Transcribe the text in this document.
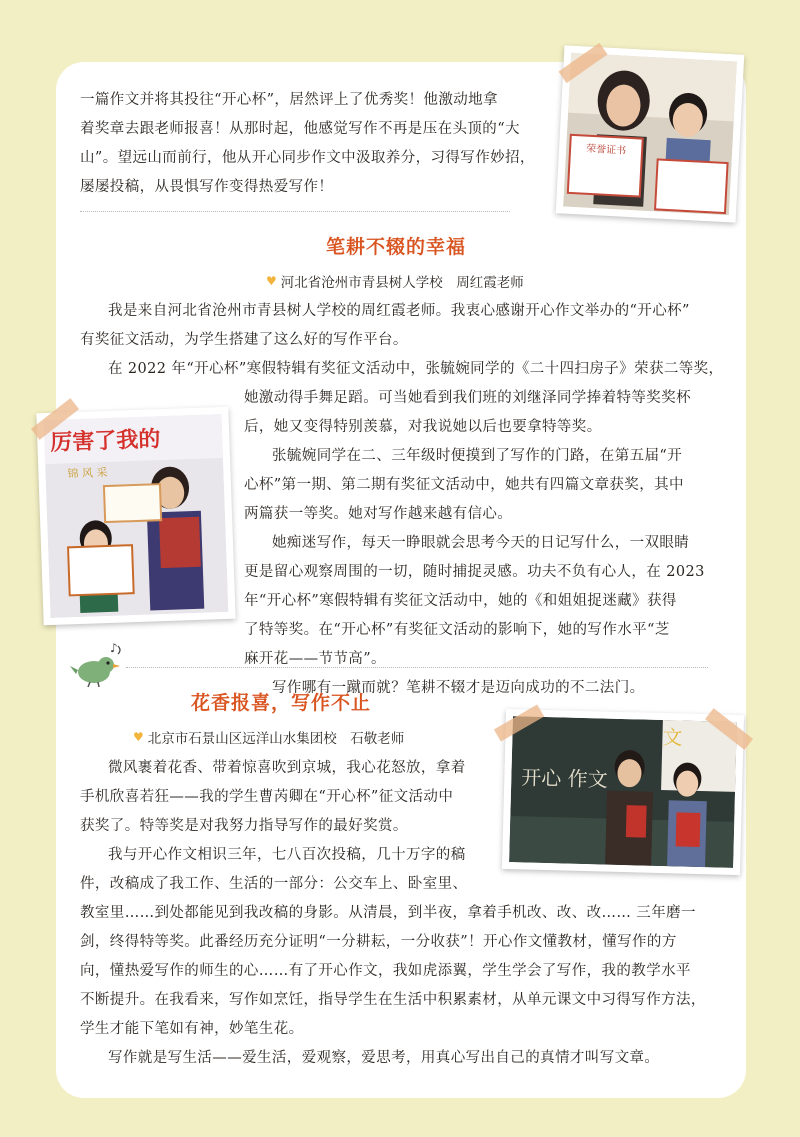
一篇作文并将其投往“开心杯”，居然评上了优秀奖！他激动地拿
着奖章去跟老师报喜！从那时起，他感觉写作不再是压在头顶的“大
山”。望远山而前行，他从开心同步作文中汲取养分，习得写作妙招，
屡屡投稿，从畏惧写作变得热爱写作！
荣誉证书
笔耕不辍的幸福
♥ 河北省沧州市青县树人学校　周红霞老师
我是来自河北省沧州市青县树人学校的周红霞老师。我衷心感谢开心作文举办的“开心杯”
有奖征文活动，为学生搭建了这么好的写作平台。
在 2022 年“开心杯”寒假特辑有奖征文活动中，张毓婉同学的《二十四扫房子》荣获二等奖，
她激动得手舞足蹈。可当她看到我们班的刘继泽同学捧着特等奖奖杯
后，她又变得特别羡慕，对我说她以后也要拿特等奖。
张毓婉同学在二、三年级时便摸到了写作的门路，在第五届“开
心杯”第一期、第二期有奖征文活动中，她共有四篇文章获奖，其中
两篇获一等奖。她对写作越来越有信心。
她痴迷写作，每天一睁眼就会思考今天的日记写什么，一双眼睛
更是留心观察周围的一切，随时捕捉灵感。功夫不负有心人，在 2023
年“开心杯”寒假特辑有奖征文活动中，她的《和姐姐捉迷藏》获得
了特等奖。在“开心杯”有奖征文活动的影响下，她的写作水平“芝
麻开花——节节高”。
写作哪有一蹴而就？笔耕不辍才是迈向成功的不二法门。
厉害了我的
锦 风 采
♪
花香报喜，写作不止
♥ 北京市石景山区远洋山水集团校　石敬老师
微风裹着花香、带着惊喜吹到京城，我心花怒放，拿着
手机欣喜若狂——我的学生曹芮卿在“开心杯”征文活动中
获奖了。特等奖是对我努力指导写作的最好奖赏。
我与开心作文相识三年，七八百次投稿，几十万字的稿
件，改稿成了我工作、生活的一部分：公交车上、卧室里、
教室里……到处都能见到我改稿的身影。从清晨，到半夜，拿着手机改、改、改…… 三年磨一
剑，终得特等奖。此番经历充分证明“一分耕耘，一分收获”！开心作文懂教材，懂写作的方
向，懂热爱写作的师生的心……有了开心作文，我如虎添翼，学生学会了写作，我的教学水平
不断提升。在我看来，写作如烹饪，指导学生在生活中积累素材，从单元课文中习得写作方法，
学生才能下笔如有神，妙笔生花。
写作就是写生活——爱生活，爱观察，爱思考，用真心写出自己的真情才叫写文章。
开心 作文
文
